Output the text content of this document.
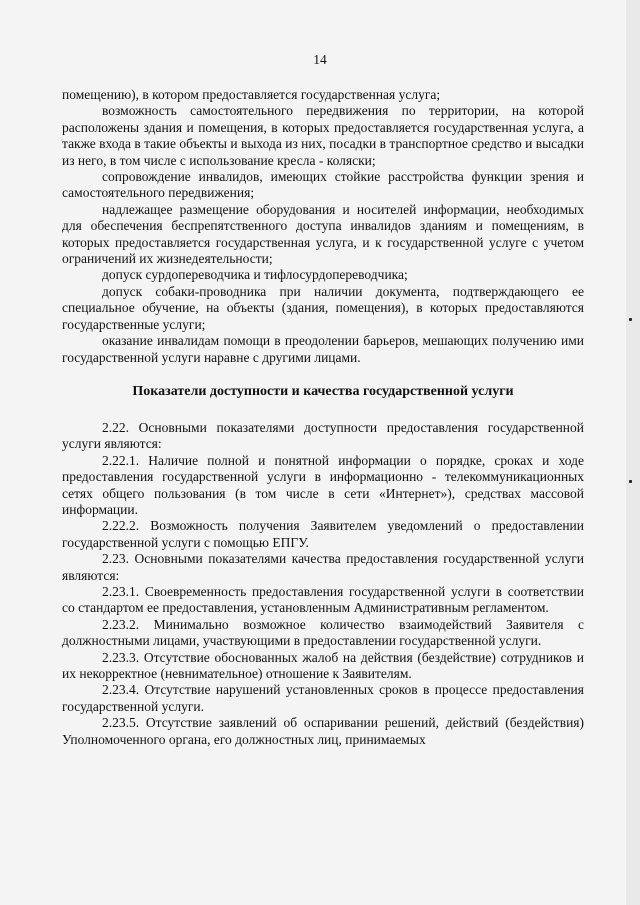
14

помещению), в котором предоставляется государственная услуга;

возможность самостоятельного передвижения по территории, на которой расположены здания и помещения, в которых предоставляется государственная услуга, а также входа в такие объекты и выхода из них, посадки в транспортное средство и высадки из него, в том числе с использование кресла - коляски;

сопровождение инвалидов, имеющих стойкие расстройства функции зрения и самостоятельного передвижения;

надлежащее размещение оборудования и носителей информации, необходимых для обеспечения беспрепятственного доступа инвалидов зданиям и помещениям, в которых предоставляется государственная услуга, и к государственной услуге с учетом ограничений их жизнедеятельности;

допуск сурдопереводчика и тифлосурдопереводчика;

допуск собаки-проводника при наличии документа, подтверждающего ее специальное обучение, на объекты (здания, помещения), в которых предоставляются государственные услуги;

оказание инвалидам помощи в преодолении барьеров, мешающих получению ими государственной услуги наравне с другими лицами.

Показатели доступности и качества государственной услуги

2.22. Основными показателями доступности предоставления государственной услуги являются:

2.22.1. Наличие полной и понятной информации о порядке, сроках и ходе предоставления государственной услуги в информационно - телекоммуникационных сетях общего пользования (в том числе в сети «Интернет»), средствах массовой информации.

2.22.2. Возможность получения Заявителем уведомлений о предоставлении государственной услуги с помощью ЕПГУ.

2.23. Основными показателями качества предоставления государственной услуги являются:

2.23.1. Своевременность предоставления государственной услуги в соответствии со стандартом ее предоставления, установленным Административным регламентом.

2.23.2. Минимально возможное количество взаимодействий Заявителя с должностными лицами, участвующими в предоставлении государственной услуги.

2.23.3. Отсутствие обоснованных жалоб на действия (бездействие) сотрудников и их некорректное (невнимательное) отношение к Заявителям.

2.23.4. Отсутствие нарушений установленных сроков в процессе предоставления государственной услуги.

2.23.5. Отсутствие заявлений об оспаривании решений, действий (бездействия) Уполномоченного органа, его должностных лиц, принимаемых
